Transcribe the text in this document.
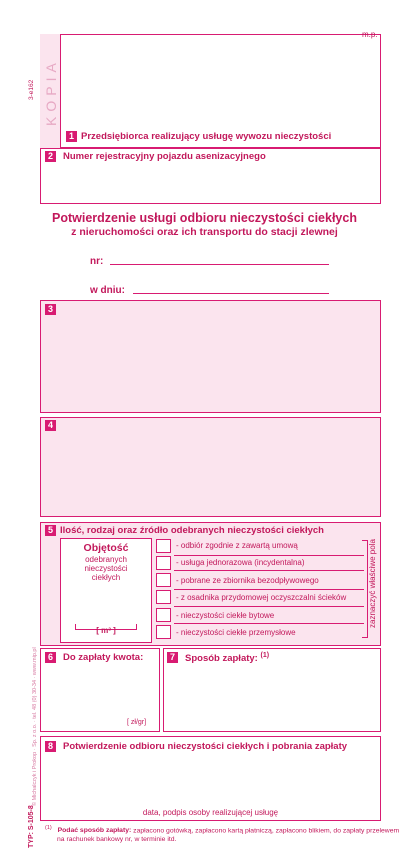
3-e162 KOPIA
© Michalczyk i Prokop · Sp. z o.o. · tel. 48 (0) 30-34 · www.mip.pl
TYP: S-105-8
m.p.
1 Przedsiębiorca realizujący usługę wywozu nieczystości
2	Numer rejestracyjny pojazdu asenizacyjnego
Potwierdzenie usługi odbioru nieczystości ciekłych
z nieruchomości oraz ich transportu do stacji zlewnej
nr:
w dniu:
3
4
5 Ilość, rodzaj oraz źródło odebranych nieczystości ciekłych
Objętość
odebranych
nieczystości
ciekłych
[ m³ ]
- odbiór zgodnie z zawartą umową
- usługa jednorazowa (incydentalna)
- pobrane ze zbiornika bezodpływowego
- z osadnika przydomowej oczyszczalni ścieków
- nieczystości ciekłe bytowe
- nieczystości ciekłe przemysłowe
zaznaczyć właściwe pola
6	Do zapłaty kwota:
[ zł/gr]
7	Sposób zapłaty: $^{(1)}$
8	Potwierdzenie odbioru nieczystości ciekłych i pobrania zapłaty
data, podpis osoby realizującej usługę
$^{(1)}$ Podać sposób zapłaty: zapłacono gotówką, zapłacono kartą płatniczą, zapłacono blikiem, do zapłaty przelewem
na rachunek bankowy nr, w terminie itd.
